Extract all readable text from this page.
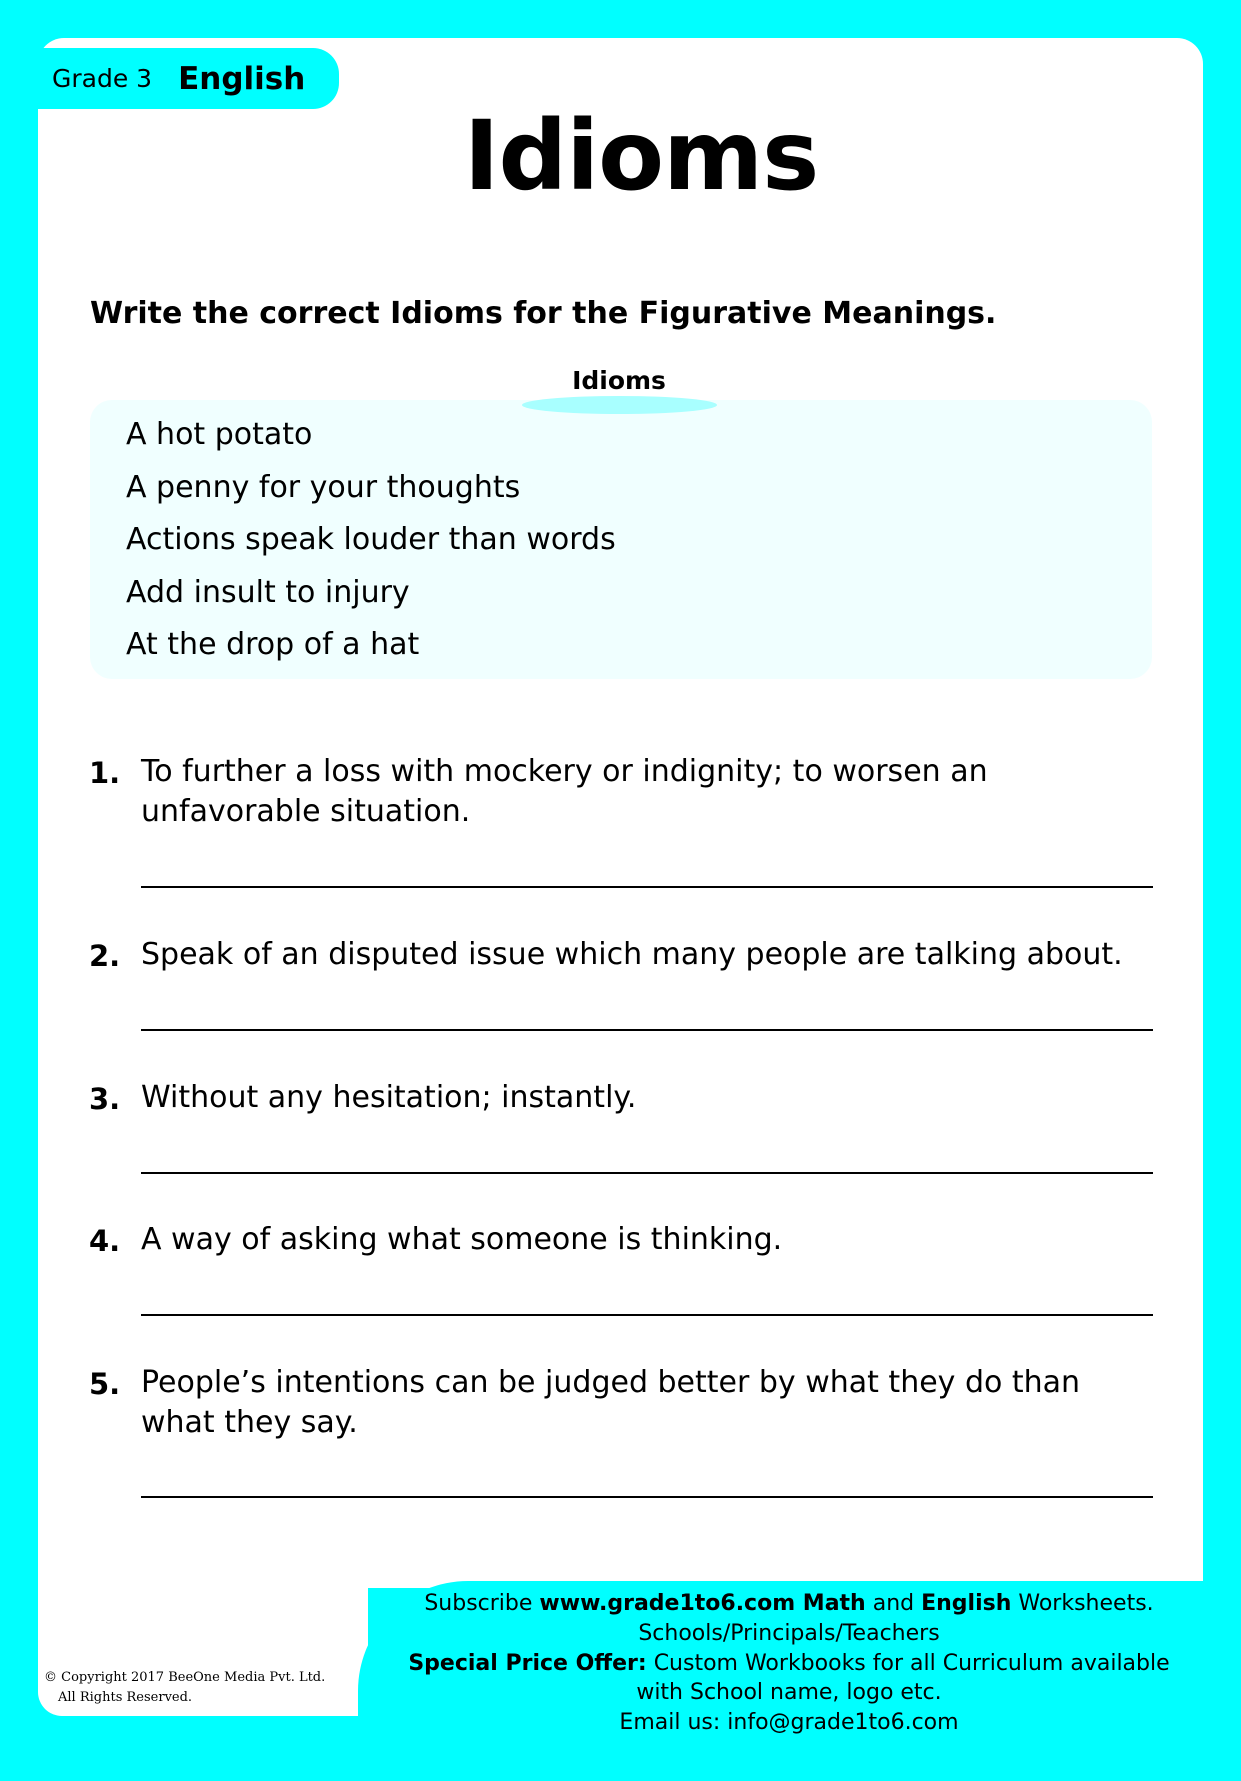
Grade 3 English
Idioms
Write the correct Idioms for the Figurative Meanings.
Idioms
A hot potato
A penny for your thoughts
Actions speak louder than words
Add insult to injury
At the drop of a hat
1. To further a loss with mockery or indignity; to worsen an unfavorable situation.
2. Speak of an disputed issue which many people are talking about.
3. Without any hesitation; instantly.
4. A way of asking what someone is thinking.
5. People’s intentions can be judged better by what they do than what they say.
Subscribe www.grade1to6.com Math and English Worksheets.
Schools/Principals/Teachers
Special Price Offer: Custom Workbooks for all Curriculum available
with School name, logo etc.
Email us: info@grade1to6.com
© Copyright 2017 BeeOne Media Pvt. Ltd.
All Rights Reserved.
